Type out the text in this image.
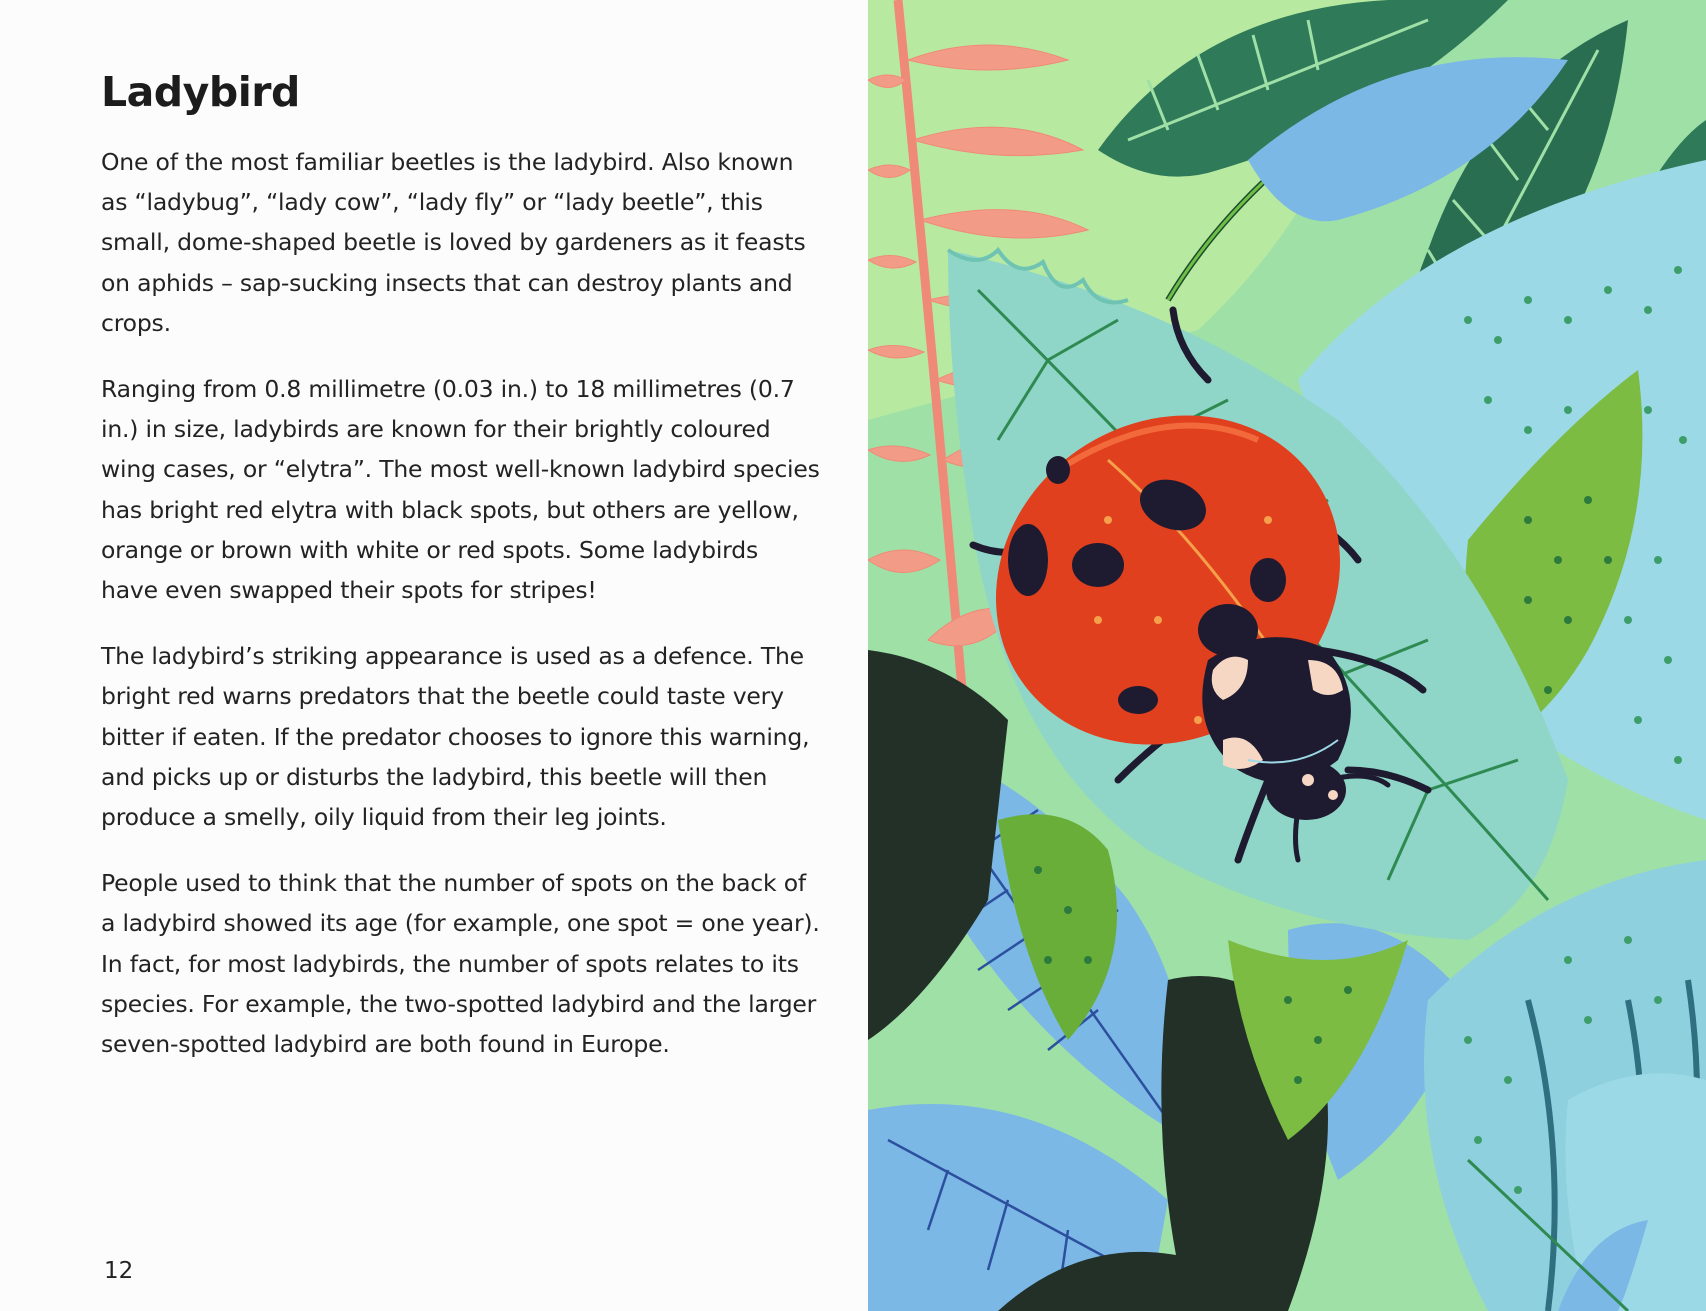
Ladybird

One of the most familiar beetles is the ladybird. Also known as “ladybug”, “lady cow”, “lady fly” or “lady beetle”, this small, dome-shaped beetle is loved by gardeners as it feasts on aphids – sap-sucking insects that can destroy plants and crops.

Ranging from 0.8 millimetre (0.03 in.) to 18 millimetres (0.7 in.) in size, ladybirds are known for their brightly coloured wing cases, or “elytra”. The most well-known ladybird species has bright red elytra with black spots, but others are yellow, orange or brown with white or red spots. Some ladybirds have even swapped their spots for stripes!

The ladybird’s striking appearance is used as a defence. The bright red warns predators that the beetle could taste very bitter if eaten. If the predator chooses to ignore this warning, and picks up or disturbs the ladybird, this beetle will then produce a smelly, oily liquid from their leg joints.

People used to think that the number of spots on the back of a ladybird showed its age (for example, one spot = one year). In fact, for most ladybirds, the number of spots relates to its species. For example, the two-spotted ladybird and the larger seven-spotted ladybird are both found in Europe.

12
